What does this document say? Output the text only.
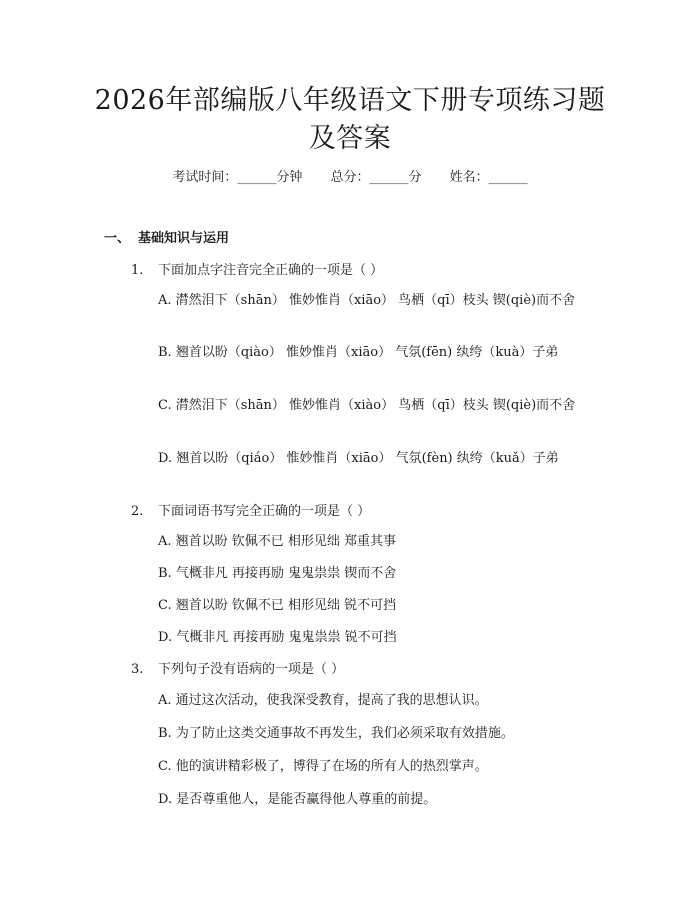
2026年部编版八年级语文下册专项练习题及答案
考试时间：______分钟 总分：______分 姓名：______
一、 基础知识与运用
1. 下面加点字注音完全正确的一项是（ ）
A. 潸然泪下（shān） 惟妙惟肖（xiāo） 鸟栖（qī）枝头 锲(qiè)而不舍
B. 翘首以盼（qiào） 惟妙惟肖（xiāo） 气氛(fēn) 纨绔（kuà）子弟
C. 潸然泪下（shān） 惟妙惟肖（xiào） 鸟栖（qī）枝头 锲(qiè)而不舍
D. 翘首以盼（qiáo） 惟妙惟肖（xiāo） 气氛(fèn) 纨绔（kuǎ）子弟
2. 下面词语书写完全正确的一项是（ ）
A. 翘首以盼 钦佩不已 相形见绌 郑重其事
B. 气概非凡 再接再励 鬼鬼祟祟 锲而不舍
C. 翘首以盼 钦佩不已 相形见绌 锐不可挡
D. 气概非凡 再接再励 鬼鬼祟祟 锐不可挡
3. 下列句子没有语病的一项是（ ）
A. 通过这次活动，使我深受教育，提高了我的思想认识。
B. 为了防止这类交通事故不再发生，我们必须采取有效措施。
C. 他的演讲精彩极了，博得了在场的所有人的热烈掌声。
D. 是否尊重他人，是能否赢得他人尊重的前提。
